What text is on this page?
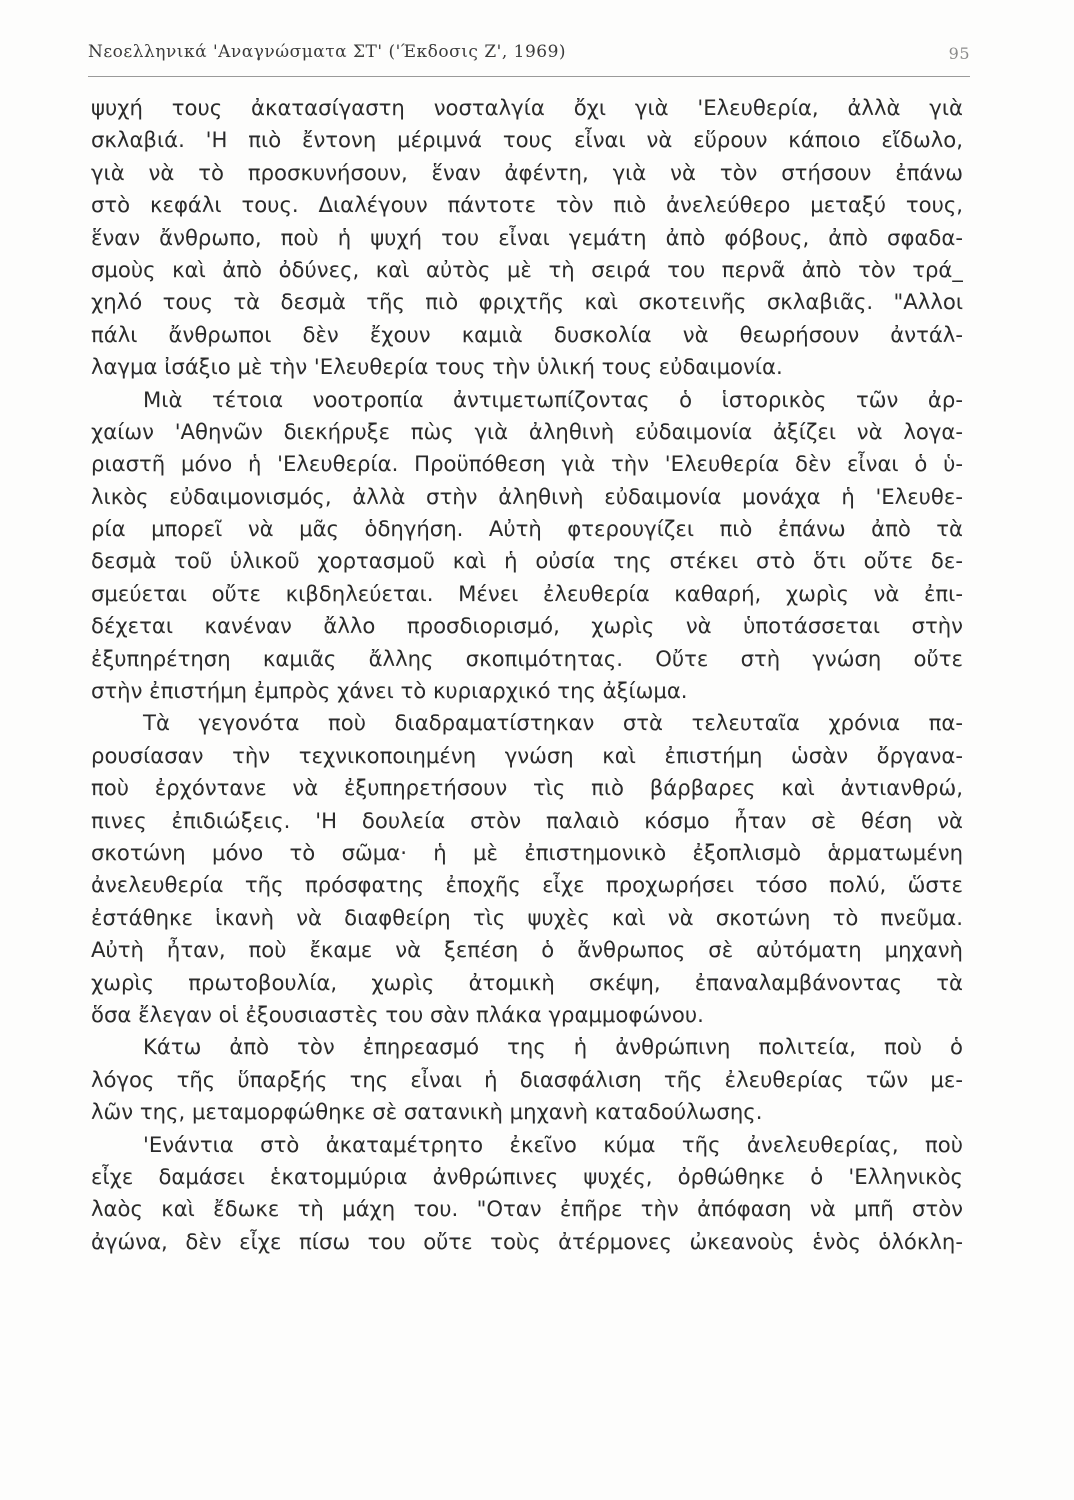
Νεοελληνικά 'Αναγνώσματα ΣΤ' ('Έκδοσις Ζ', 1969)	95
ψυχή τους ἀκατασίγαστη νοσταλγία ὄχι γιὰ 'Ελευθερία, ἀλλὰ γιὰ
σκλαβιά. 'Η πιὸ ἔντονη μέριμνά τους εἶναι νὰ εὕρουν κάποιο εἴδωλο,
γιὰ νὰ τὸ προσκυνήσουν, ἕναν ἀφέντη, γιὰ νὰ τὸν στήσουν ἐπάνω
στὸ κεφάλι τους. Διαλέγουν πάντοτε τὸν πιὸ ἀνελεύθερο μεταξύ τους,
ἕναν ἄνθρωπο, ποὺ ἡ ψυχή του εἶναι γεμάτη ἀπὸ φόβους, ἀπὸ σφαδα-
σμοὺς καὶ ἀπὸ ὀδύνες, καὶ αὐτὸς μὲ τὴ σειρά του περνᾶ ἀπὸ τὸν τρά_
χηλό τους τὰ δεσμὰ τῆς πιὸ φριχτῆς καὶ σκοτεινῆς σκλαβιᾶς. "Αλλοι
πάλι ἄνθρωποι δὲν ἔχουν καμιὰ δυσκολία νὰ θεωρήσουν ἀντάλ-
λαγμα ἰσάξιο μὲ τὴν 'Ελευθερία τους τὴν ὑλική τους εὐδαιμονία.
Μιὰ τέτοια νοοτροπία ἀντιμετωπίζοντας ὁ ἱστορικὸς τῶν ἀρ-
χαίων 'Αθηνῶν διεκήρυξε πὼς γιὰ ἀληθινὴ εὐδαιμονία ἀξίζει νὰ λογα-
ριαστῆ μόνο ἡ 'Ελευθερία. Προϋπόθεση γιὰ τὴν 'Ελευθερία δὲν εἶναι ὁ ὑ-
λικὸς εὐδαιμονισμός, ἀλλὰ στὴν ἀληθινὴ εὐδαιμονία μονάχα ἡ 'Ελευθε-
ρία μπορεῖ νὰ μᾶς ὁδηγήση. Αὐτὴ φτερουγίζει πιὸ ἐπάνω ἀπὸ τὰ
δεσμὰ τοῦ ὑλικοῦ χορτασμοῦ καὶ ἡ οὐσία της στέκει στὸ ὅτι οὔτε δε-
σμεύεται οὔτε κιβδηλεύεται. Μένει ἐλευθερία καθαρή, χωρὶς νὰ ἐπι-
δέχεται κανέναν ἄλλο προσδιορισμό, χωρὶς νὰ ὑποτάσσεται στὴν
ἐξυπηρέτηση καμιᾶς ἄλλης σκοπιμότητας. Οὔτε στὴ γνώση οὔτε
στὴν ἐπιστήμη ἐμπρὸς χάνει τὸ κυριαρχικό της ἀξίωμα.
Τὰ γεγονότα ποὺ διαδραματίστηκαν στὰ τελευταῖα χρόνια πα-
ρουσίασαν τὴν τεχνικοποιημένη γνώση καὶ ἐπιστήμη ὡσὰν ὄργανα-
ποὺ ἐρχόντανε νὰ ἐξυπηρετήσουν τὶς πιὸ βάρβαρες καὶ ἀντιανθρώ,
πινες ἐπιδιώξεις. 'Η δουλεία στὸν παλαιὸ κόσμο ἦταν σὲ θέση νὰ
σκοτώνη μόνο τὸ σῶμα· ἡ μὲ ἐπιστημονικὸ ἐξοπλισμὸ ἁρματωμένη
ἀνελευθερία τῆς πρόσφατης ἐποχῆς εἶχε προχωρήσει τόσο πολύ, ὥστε
ἐστάθηκε ἱκανὴ νὰ διαφθείρη τὶς ψυχὲς καὶ νὰ σκοτώνη τὸ πνεῦμα.
Αὐτὴ ἦταν, ποὺ ἔκαμε νὰ ξεπέση ὁ ἄνθρωπος σὲ αὐτόματη μηχανὴ
χωρὶς πρωτοβουλία, χωρὶς ἀτομικὴ σκέψη, ἐπαναλαμβάνοντας τὰ
ὅσα ἔλεγαν οἱ ἐξουσιαστὲς του σὰν πλάκα γραμμοφώνου.
Κάτω ἀπὸ τὸν ἐπηρεασμό της ἡ ἀνθρώπινη πολιτεία, ποὺ ὁ
λόγος τῆς ὕπαρξής της εἶναι ἡ διασφάλιση τῆς ἐλευθερίας τῶν με-
λῶν της, μεταμορφώθηκε σὲ σατανικὴ μηχανὴ καταδούλωσης.
'Ενάντια στὸ ἀκαταμέτρητο ἐκεῖνο κύμα τῆς ἀνελευθερίας, ποὺ
εἶχε δαμάσει ἑκατομμύρια ἀνθρώπινες ψυχές, ὀρθώθηκε ὁ 'Ελληνικὸς
λαὸς καὶ ἔδωκε τὴ μάχη του. "Οταν ἐπῆρε τὴν ἀπόφαση νὰ μπῆ στὸν
ἀγώνα, δὲν εἶχε πίσω του οὔτε τοὺς ἀτέρμονες ὠκεανοὺς ἑνὸς ὁλόκλη-
